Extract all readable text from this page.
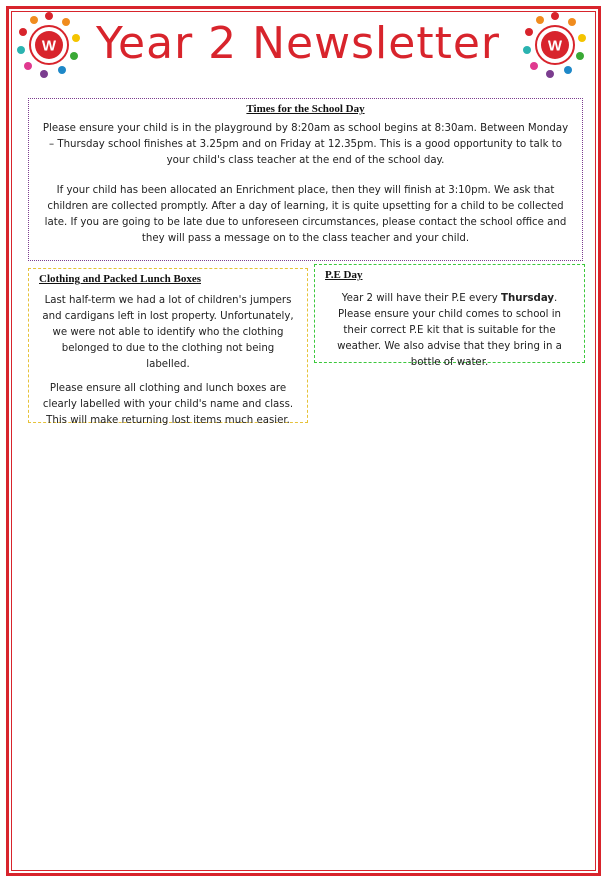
W Year 2 Newsletter	W
Times for the School Day

Please ensure your child is in the playground by 8:20am as school begins at 8:30am. Between Monday – Thursday school finishes at 3.25pm and on Friday at 12.35pm. This is a good opportunity to talk to your child's class teacher at the end of the school day.

If your child has been allocated an Enrichment place, then they will finish at 3:10pm. We ask that children are collected promptly. After a day of learning, it is quite upsetting for a child to be collected late. If you are going to be late due to unforeseen circumstances, please contact the school office and they will pass a message on to the class teacher and your child.

Clothing and Packed Lunch Boxes

Last half-term we had a lot of children's jumpers and cardigans left in lost property. Unfortunately, we were not able to identify who the clothing belonged to due to the clothing not being labelled.

Please ensure all clothing and lunch boxes are clearly labelled with your child's name and class. This will make returning lost items much easier.

P.E Day

Year 2 will have their P.E every Thursday. Please ensure your child comes to school in their correct P.E kit that is suitable for the weather. We also advise that they bring in a bottle of water.
